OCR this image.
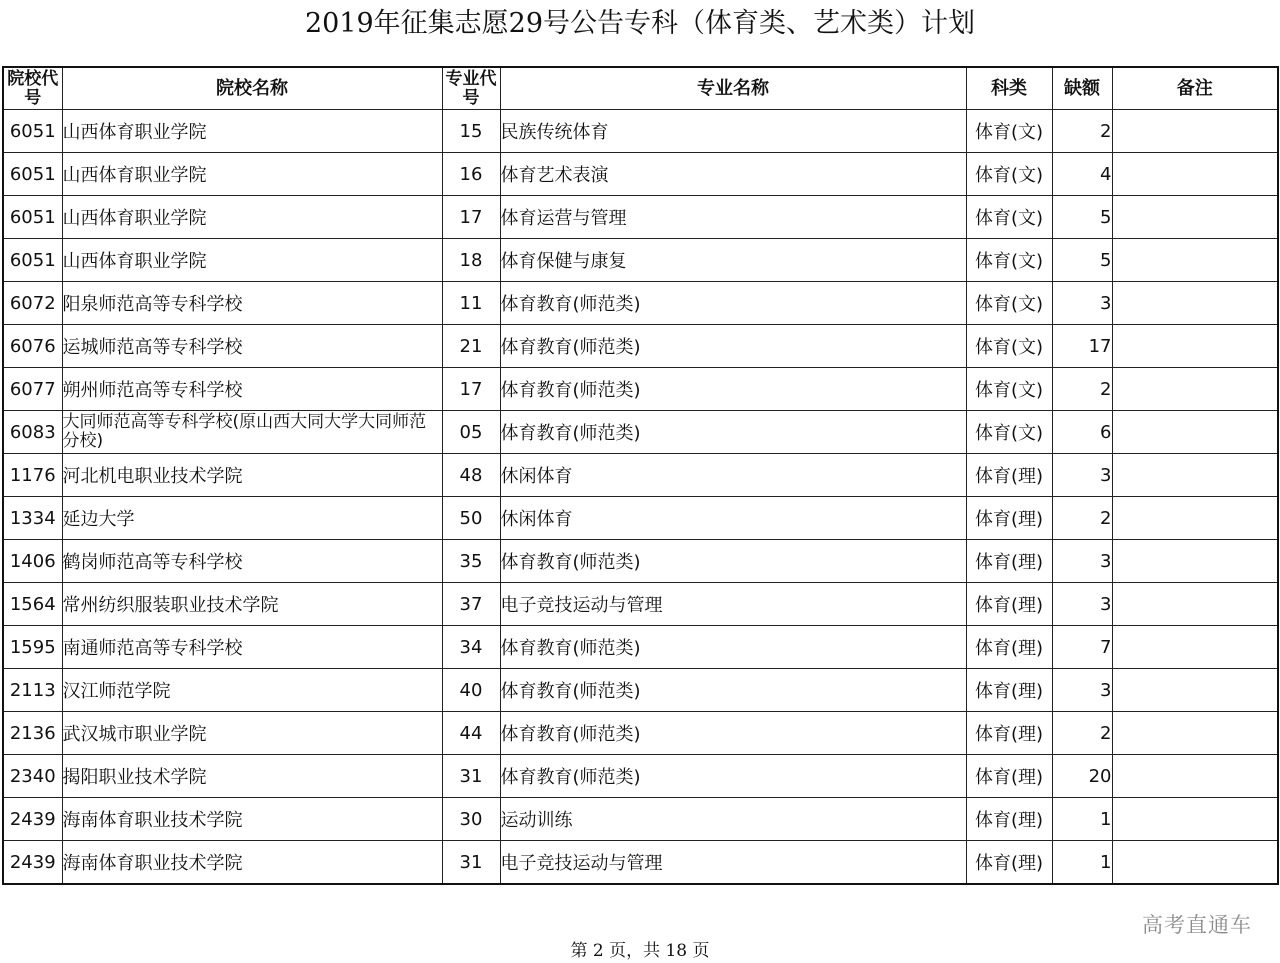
2019年征集志愿29号公告专科（体育类、艺术类）计划
院校代号	院校名称	专业代号	专业名称	科类	缺额	备注
6051	山西体育职业学院	15	民族传统体育	体育(文)	2	
6051	山西体育职业学院	16	体育艺术表演	体育(文)	4	
6051	山西体育职业学院	17	体育运营与管理	体育(文)	5	
6051	山西体育职业学院	18	体育保健与康复	体育(文)	5	
6072	阳泉师范高等专科学校	11	体育教育(师范类)	体育(文)	3	
6076	运城师范高等专科学校	21	体育教育(师范类)	体育(文)	17	
6077	朔州师范高等专科学校	17	体育教育(师范类)	体育(文)	2	
6083	大同师范高等专科学校(原山西大同大学大同师范分校)	05	体育教育(师范类)	体育(文)	6	
1176	河北机电职业技术学院	48	休闲体育	体育(理)	3	
1334	延边大学	50	休闲体育	体育(理)	2	
1406	鹤岗师范高等专科学校	35	体育教育(师范类)	体育(理)	3	
1564	常州纺织服装职业技术学院	37	电子竞技运动与管理	体育(理)	3	
1595	南通师范高等专科学校	34	体育教育(师范类)	体育(理)	7	
2113	汉江师范学院	40	体育教育(师范类)	体育(理)	3	
2136	武汉城市职业学院	44	体育教育(师范类)	体育(理)	2	
2340	揭阳职业技术学院	31	体育教育(师范类)	体育(理)	20	
2439	海南体育职业技术学院	30	运动训练	体育(理)	1	
2439	海南体育职业技术学院	31	电子竞技运动与管理	体育(理)	1	
高考直通车
第 2 页，共 18 页
